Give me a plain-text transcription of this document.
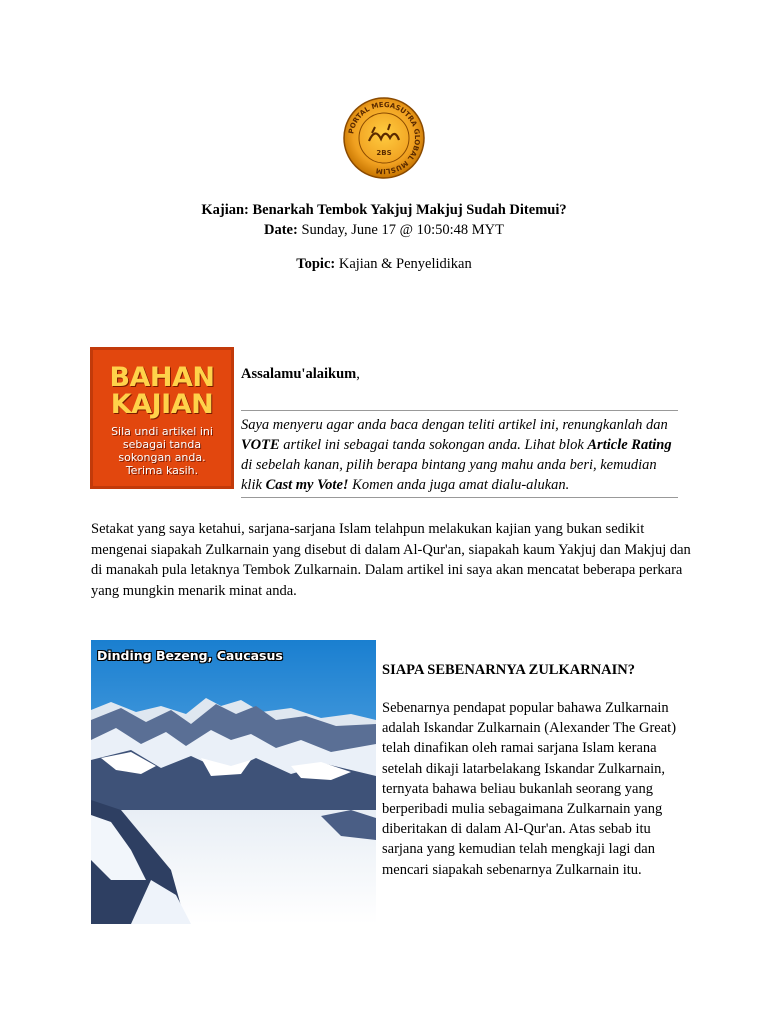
PORTAL MEGASUTRA GLOBAL MUSLIM
2BS
Kajian: Benarkah Tembok Yakjuj Makjuj Sudah Ditemui?
Date: Sunday, June 17 @ 10:50:48 MYT
Topic: Kajian & Penyelidikan
BAHAN
KAJIAN
Sila undi artikel ini
sebagai tanda
sokongan anda.
Terima kasih.
Assalamu'alaikum,
Saya menyeru agar anda baca dengan teliti artikel ini, renungkanlah dan VOTE artikel ini sebagai tanda sokongan anda. Lihat blok Article Rating di sebelah kanan, pilih berapa bintang yang mahu anda beri, kemudian klik Cast my Vote! Komen anda juga amat dialu-alukan.
Setakat yang saya ketahui, sarjana-sarjana Islam telahpun melakukan kajian yang bukan sedikit mengenai siapakah Zulkarnain yang disebut di dalam Al-Qur'an, siapakah kaum Yakjuj dan Makjuj dan di manakah pula letaknya Tembok Zulkarnain. Dalam artikel ini saya akan mencatat beberapa perkara yang mungkin menarik minat anda.
Dinding Bezeng, Caucasus
SIAPA SEBENARNYA ZULKARNAIN?
Sebenarnya pendapat popular bahawa Zulkarnain adalah Iskandar Zulkarnain (Alexander The Great) telah dinafikan oleh ramai sarjana Islam kerana setelah dikaji latarbelakang Iskandar Zulkarnain, ternyata bahawa beliau bukanlah seorang yang berperibadi mulia sebagaimana Zulkarnain yang diberitakan di dalam Al-Qur'an. Atas sebab itu sarjana yang kemudian telah mengkaji lagi dan mencari siapakah sebenarnya Zulkarnain itu.
